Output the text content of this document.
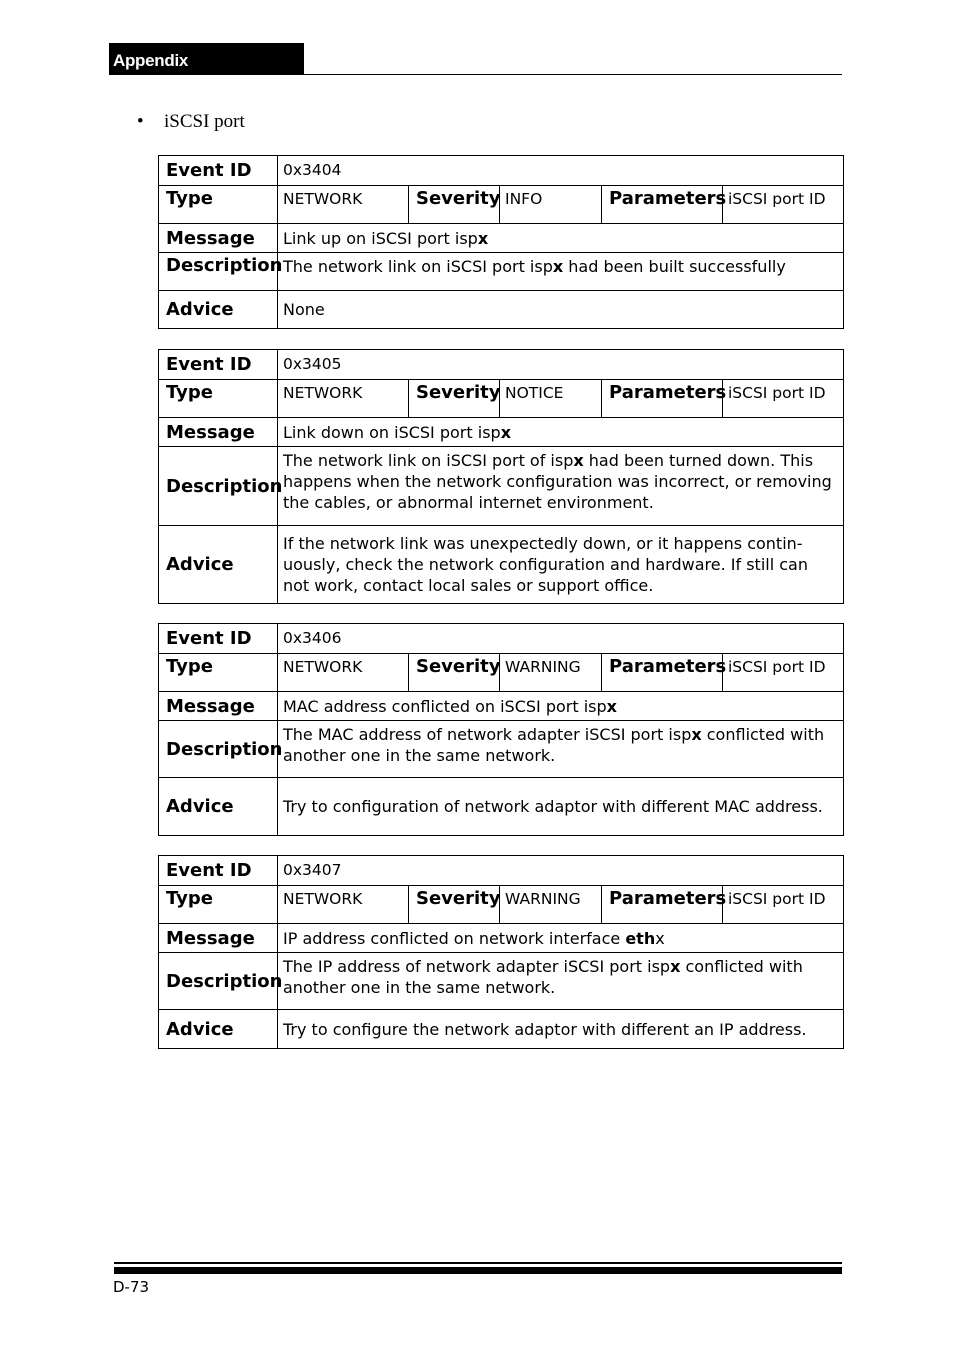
Appendix
• iSCSI port
Event ID	0x3404				
Type	NETWORK	Severity	INFO	Parameters	iSCSI port ID
Message	Link up on iSCSI port ispx				
Description	The network link on iSCSI port ispx had been built successfully				
Advice	None				
Event ID	0x3405				
Type	NETWORK	Severity	NOTICE	Parameters	iSCSI port ID
Message	Link down on iSCSI port ispx				
Description	The network link on iSCSI port of ispx had been turned down. This happens when the network configuration was incorrect, or removing the cables, or abnormal internet environment.				
Advice	If the network link was unexpectedly down, or it happens contin-uously, check the network configuration and hardware. If still can not work, contact local sales or support office.				
Event ID	0x3406				
Type	NETWORK	Severity	WARNING	Parameters	iSCSI port ID
Message	MAC address conflicted on iSCSI port ispx				
Description	The MAC address of network adapter iSCSI port ispx conflicted with another one in the same network.				
Advice	Try to configuration of network adaptor with different MAC address.				
Event ID	0x3407				
Type	NETWORK	Severity	WARNING	Parameters	iSCSI port ID
Message	IP address conflicted on network interface ethx				
Description	The IP address of network adapter iSCSI port ispx conflicted with another one in the same network.				
Advice	Try to configure the network adaptor with different an IP address.				
D-73
